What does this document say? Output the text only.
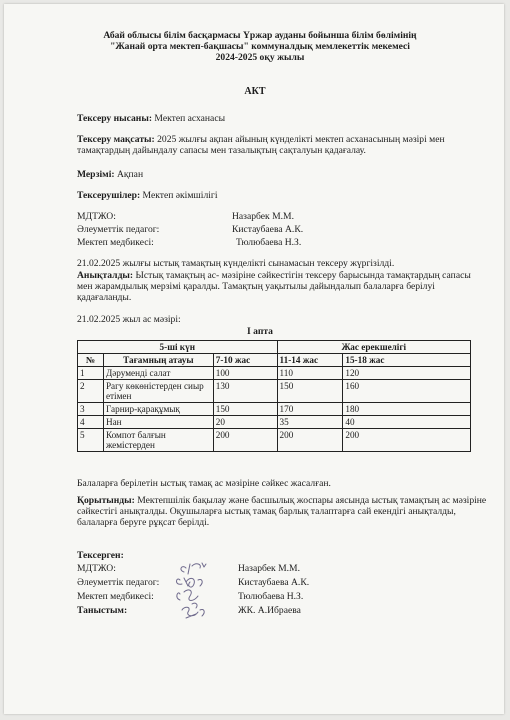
Абай облысы білім басқармасы Үржар ауданы бойынша білім бөлімінің
"Жанай орта мектеп-бақшасы" коммуналдық мемлекеттік мекемесі
2024-2025 оқу жылы
АКТ
Тексеру нысаны: Мектеп асханасы
Тексеру мақсаты: 2025 жылғы ақпан айының күнделікті мектеп асханасының мәзірі мен тамақтардың дайындалу сапасы мен тазалықтың сақталуын қадағалау.
Мерзімі: Ақпан
Тексерушілер: Мектеп әкімшілігі
МДТЖО:	Назарбек М.М.
Әлеуметтік педагог:	Кистаубаева А.К.
Мектеп медбикесі:	Тюлюбаева Н.З.
21.02.2025 жылғы ыстық тамақтың күнделікті сынамасын тексеру жүргізілді.
Анықталды: Ыстық тамақтың ас- мәзіріне сәйкестігін тексеру барысында тамақтардың сапасы мен жарамдылық мерзімі қаралды. Тамақтың уақытылы дайындалып балаларға берілуі қадағаланды.
21.02.2025 жыл ас мәзірі:
І апта
5-ші күн			Жас ерекшелігі	
№	Тағамның атауы	7-10 жас	11-14 жас	15-18 жас
1	Дәрумендi салат	100	110	120
2	Рагу көкөністерден сиыр етімен	130	150	160
3	Гарнир-қарақұмық	150	170	180
4	Нан	20	35	40
5	Компот балғын жемістерден	200	200	200
Балаларға берілетін ыстық тамақ ас мәзіріне сәйкес жасалған.
Қорытынды: Мектепшілік бақылау және басшылық жоспары аясында ыстық тамақтың ас мәзіріне сәйкестігі анықталды. Оқушыларға ыстық тамақ барлық талаптарға сай екендігі анықталды, балаларға беруге рұқсат берілді.
Тексерген:
МДТЖО:	Назарбек М.М.
Әлеуметтік педагог:	Кистаубаева А.К.
Мектеп медбикесі:	Тюлюбаева Н.З.
Таныстым:	ЖК. А.Ибраева
